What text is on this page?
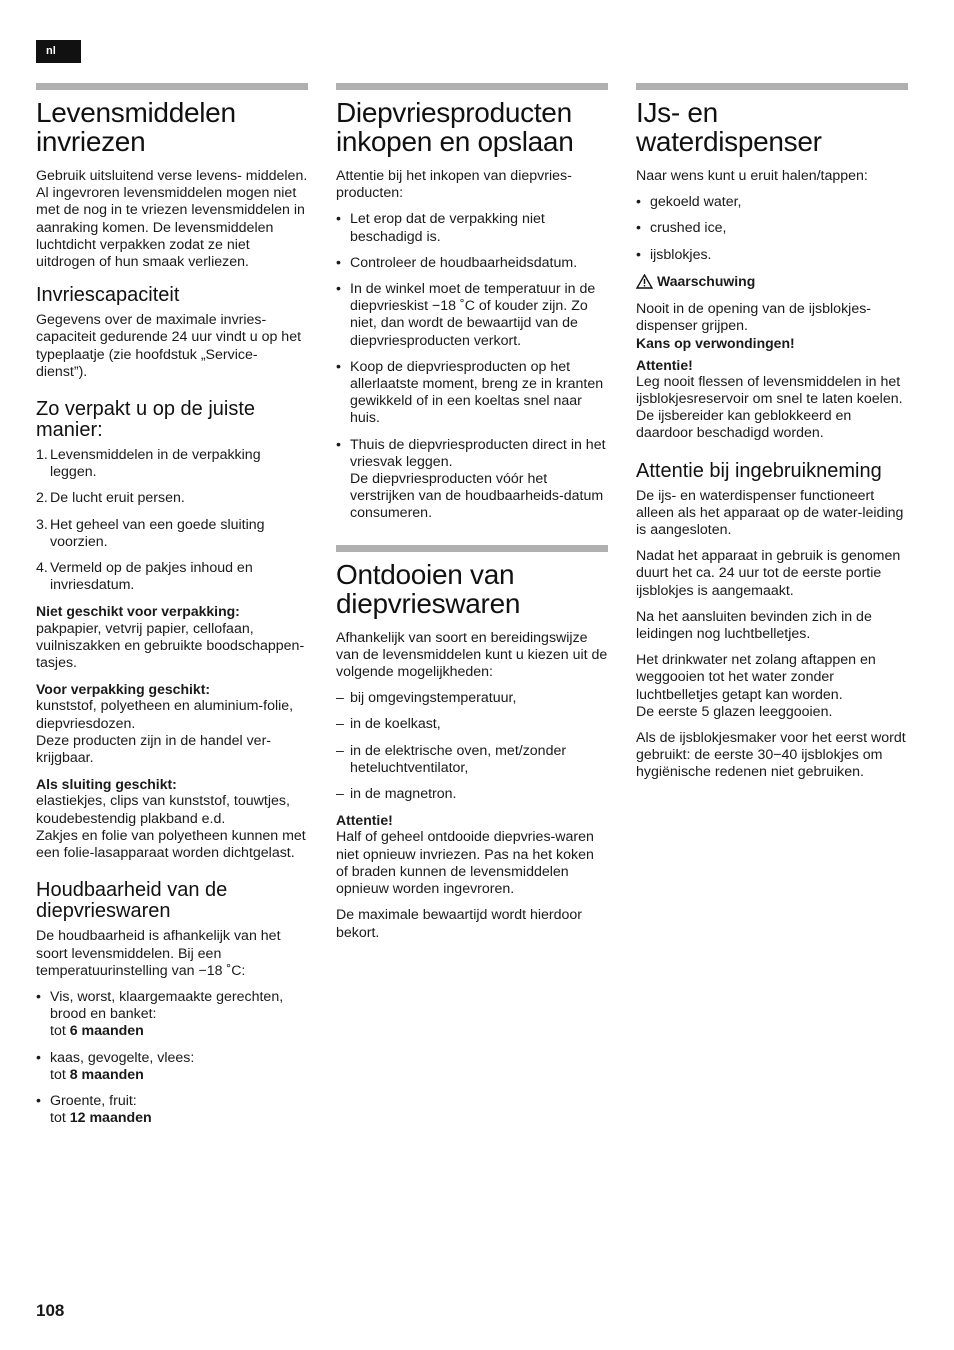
nl
Levensmiddelen
invriezen

Gebruik uitsluitend verse levens- middelen. Al ingevroren levensmiddelen mogen niet met de nog in te vriezen levensmiddelen in aanraking komen. De levensmiddelen luchtdicht verpakken zodat ze niet uitdrogen of hun smaak verliezen.

Invriescapaciteit

Gegevens over de maximale invries- capaciteit gedurende 24 uur vindt u op het typeplaatje (zie hoofdstuk „Service-dienst”).

Zo verpakt u op de juiste manier:
1. Levensmiddelen in de verpakking leggen.
2. De lucht eruit persen.
3. Het geheel van een goede sluiting voorzien.
4. Vermeld op de pakjes inhoud en invriesdatum.
Niet geschikt voor verpakking:

pakpapier, vetvrij papier, cellofaan, vuilniszakken en gebruikte boodschappen-tasjes.

Voor verpakking geschikt:

kunststof, polyetheen en aluminium-folie, diepvriesdozen.

Deze producten zijn in de handel ver-krijgbaar.

Als sluiting geschikt:

elastiekjes, clips van kunststof, touwtjes, koudebestendig plakband e.d.

Zakjes en folie van polyetheen kunnen met een folie-lasapparaat worden dichtgelast.

Houdbaarheid van de diepvrieswaren

De houdbaarheid is afhankelijk van het soort levensmiddelen. Bij een temperatuurinstelling van −18 ˚C:

• Vis, worst, klaargemaakte gerechten, brood en banket:
tot 6 maanden
• kaas, gevogelte, vlees:
tot 8 maanden
• Groente, fruit:
tot 12 maanden
Diepvriesproducten
inkopen en opslaan

Attentie bij het inkopen van diepvries-producten:

• Let erop dat de verpakking niet beschadigd is.
• Controleer de houdbaarheidsdatum.
• In de winkel moet de temperatuur in de diepvrieskist −18 ˚C of kouder zijn. Zo niet, dan wordt de bewaartijd van de diepvriesproducten verkort.
• Koop de diepvriesproducten op het allerlaatste moment, breng ze in kranten gewikkeld of in een koeltas snel naar huis.
• Thuis de diepvriesproducten direct in het vriesvak leggen.
De diepvriesproducten vóór het verstrijken van de houdbaarheids-datum consumeren.
Ontdooien van
diepvrieswaren

Afhankelijk van soort en bereidingswijze van de levensmiddelen kunt u kiezen uit de volgende mogelijkheden:

– bij omgevingstemperatuur,
– in de koelkast,
– in de elektrische oven, met/zonder heteluchtventilator,
– in de magnetron.
Attentie!

Half of geheel ontdooide diepvries-waren niet opnieuw invriezen. Pas na het koken of braden kunnen de levensmiddelen opnieuw worden ingevroren.

De maximale bewaartijd wordt hierdoor bekort.

IJs- en
waterdispenser

Naar wens kunt u eruit halen/tappen:

• gekoeld water,
• crushed ice,
• ijsblokjes.
Waarschuwing

Nooit in de opening van de ijsblokjes-dispenser grijpen.

Kans op verwondingen!
Attentie!

Leg nooit flessen of levensmiddelen in het ijsblokjesreservoir om snel te laten koelen. De ijsbereider kan geblokkeerd en daardoor beschadigd worden.

Attentie bij ingebruikneming

De ijs- en waterdispenser functioneert alleen als het apparaat op de water-leiding is aangesloten.

Nadat het apparaat in gebruik is genomen duurt het ca. 24 uur tot de eerste portie ijsblokjes is aangemaakt.

Na het aansluiten bevinden zich in de leidingen nog luchtbelletjes.

Het drinkwater net zolang aftappen en weggooien tot het water zonder luchtbelletjes getapt kan worden.

De eerste 5 glazen leeggooien.

Als de ijsblokjesmaker voor het eerst wordt gebruikt: de eerste 30−40 ijsblokjes om hygiënische redenen niet gebruiken.

108
